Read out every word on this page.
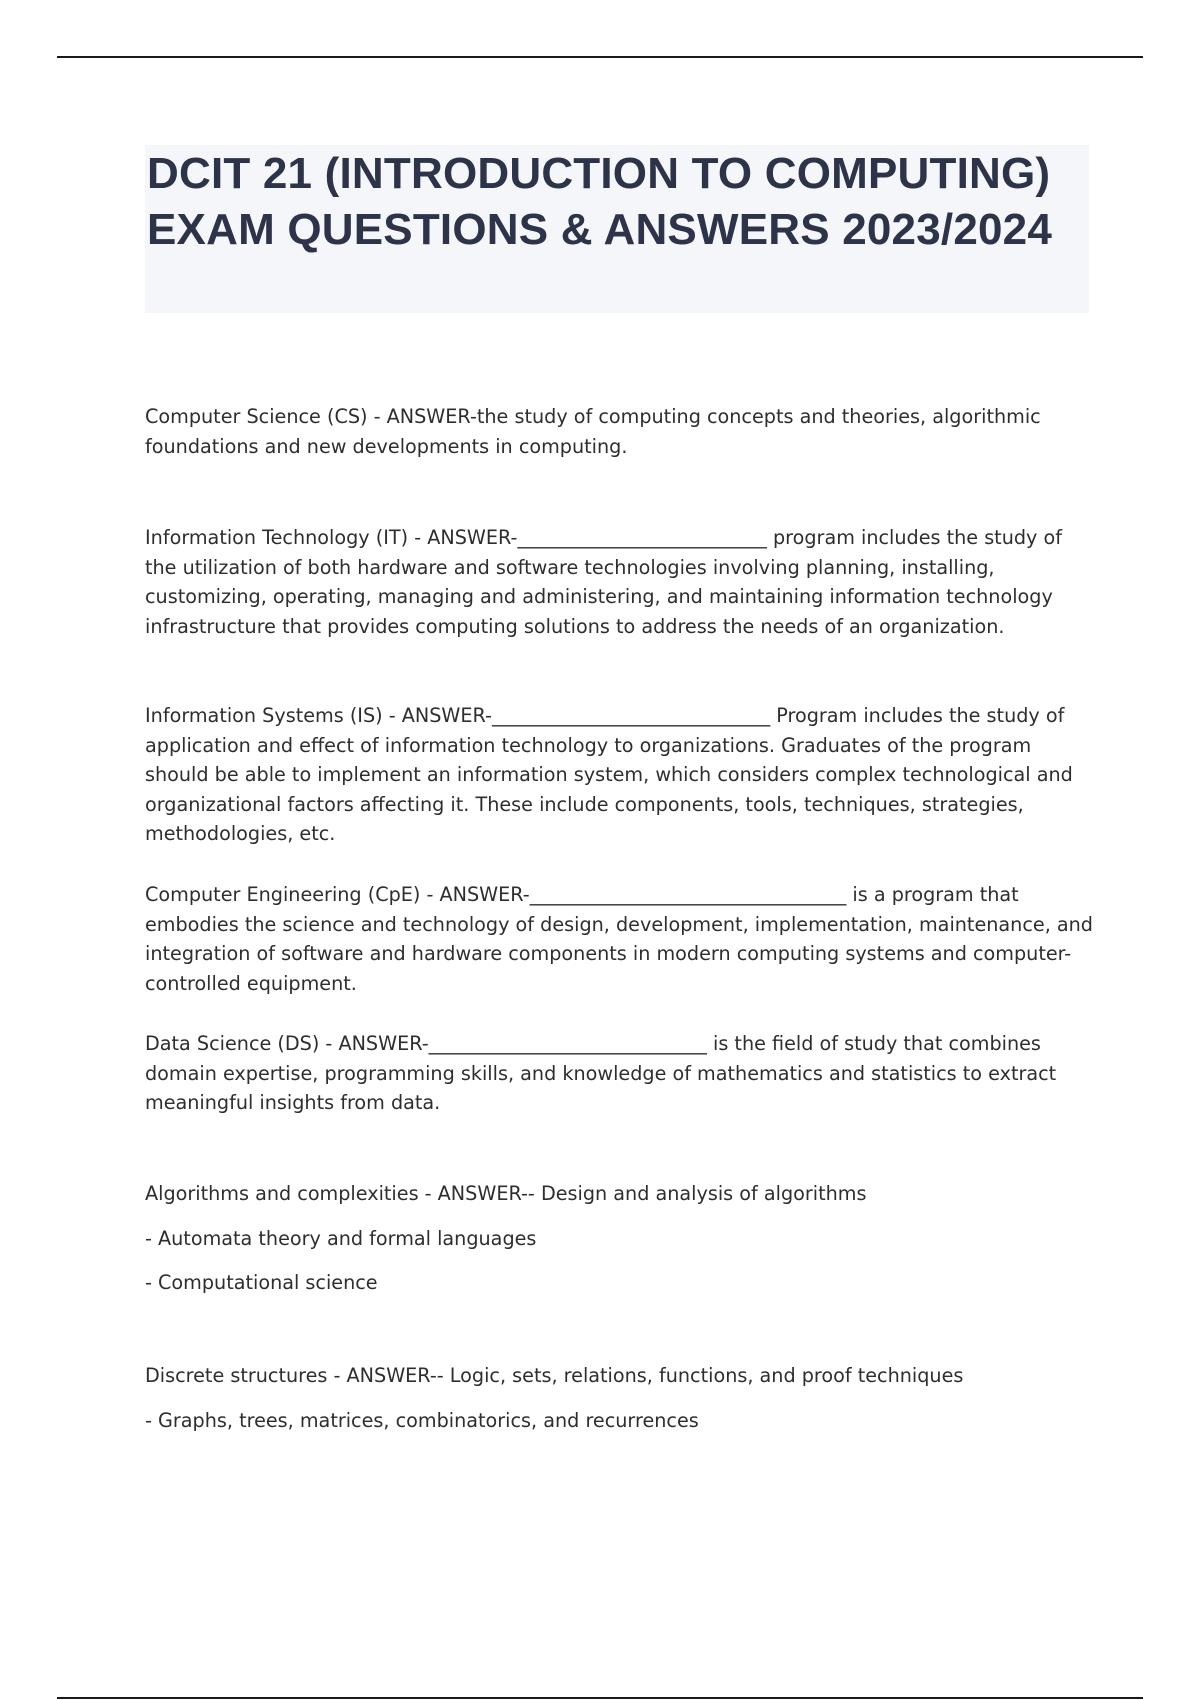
DCIT 21 (INTRODUCTION TO COMPUTING) EXAM QUESTIONS & ANSWERS 2023/2024

Computer Science (CS) - ANSWER-the study of computing concepts and theories, algorithmic foundations and new developments in computing.

Information Technology (IT) - ANSWER-__________________________ program includes the study of the utilization of both hardware and software technologies involving planning, installing, customizing, operating, managing and administering, and maintaining information technology infrastructure that provides computing solutions to address the needs of an organization.

Information Systems (IS) - ANSWER-_____________________________ Program includes the study of application and effect of information technology to organizations. Graduates of the program should be able to implement an information system, which considers complex technological and organizational factors affecting it. These include components, tools, techniques, strategies, methodologies, etc.

Computer Engineering (CpE) - ANSWER-_________________________________ is a program that embodies the science and technology of design, development, implementation, maintenance, and integration of software and hardware components in modern computing systems and computer-controlled equipment.

Data Science (DS) - ANSWER-_____________________________ is the field of study that combines domain expertise, programming skills, and knowledge of mathematics and statistics to extract meaningful insights from data.

Algorithms and complexities - ANSWER-- Design and analysis of algorithms

- Automata theory and formal languages

- Computational science

Discrete structures - ANSWER-- Logic, sets, relations, functions, and proof techniques

- Graphs, trees, matrices, combinatorics, and recurrences
